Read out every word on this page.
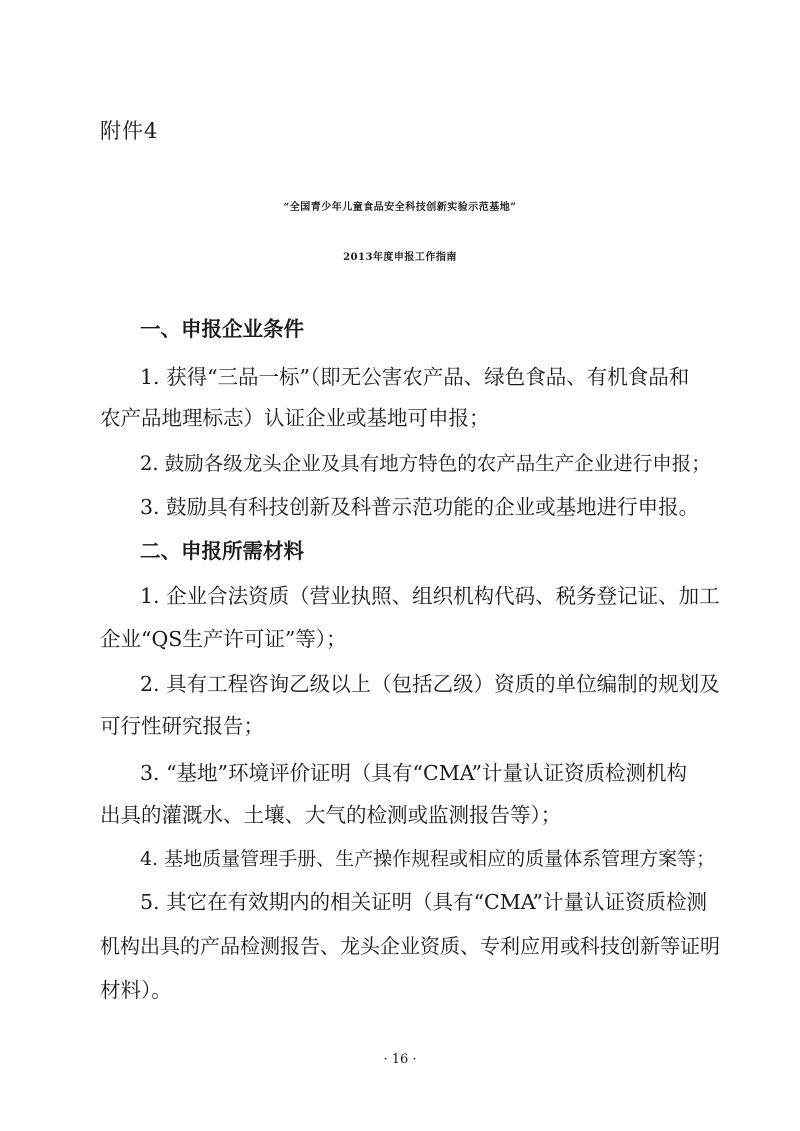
附件4
“全国青少年儿童食品安全科技创新实验示范基地”
2013年度申报工作指南
一、申报企业条件
1. 获得“三品一标”（即无公害农产品、绿色食品、有机食品和
农产品地理标志）认证企业或基地可申报；
2. 鼓励各级龙头企业及具有地方特色的农产品生产企业进行申报；
3. 鼓励具有科技创新及科普示范功能的企业或基地进行申报。
二、申报所需材料
1. 企业合法资质（营业执照、组织机构代码、税务登记证、加工
企业“QS生产许可证”等）；
2. 具有工程咨询乙级以上（包括乙级）资质的单位编制的规划及
可行性研究报告；
3. “基地”环境评价证明（具有“CMA”计量认证资质检测机构
出具的灌溉水、土壤、大气的检测或监测报告等）；
4. 基地质量管理手册、生产操作规程或相应的质量体系管理方案等；
5. 其它在有效期内的相关证明（具有“CMA”计量认证资质检测
机构出具的产品检测报告、龙头企业资质、专利应用或科技创新等证明
材料）。
· 16 ·
